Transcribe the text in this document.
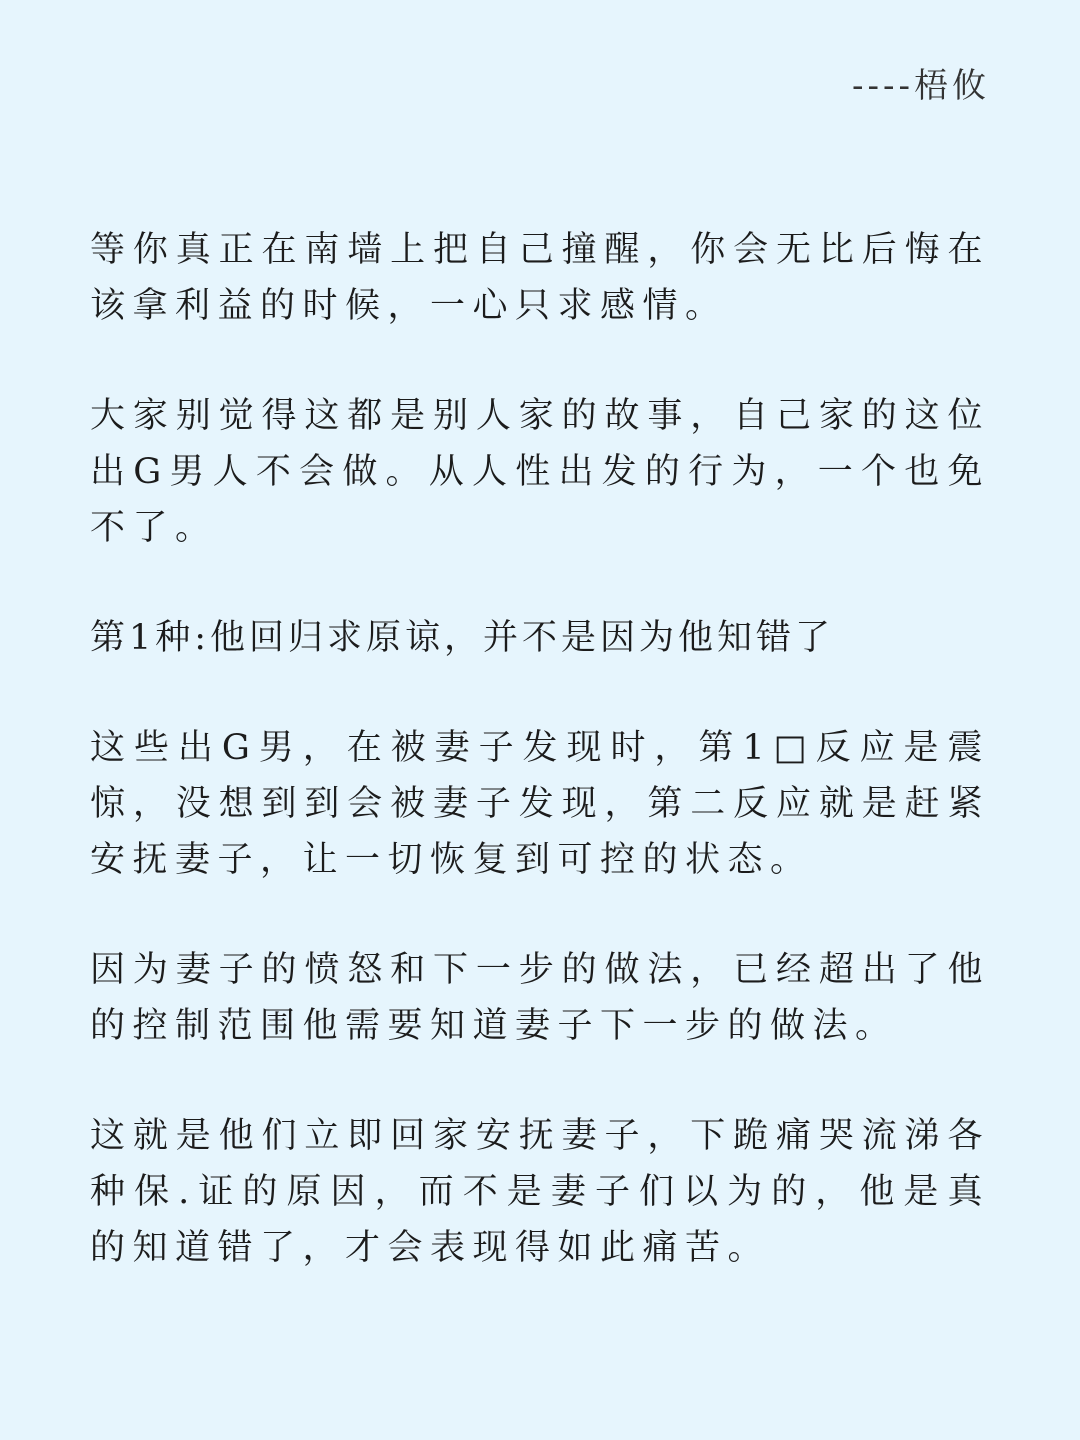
----梧攸

等你真正在南墙上把自己撞醒，你会无比后悔在该拿利益的时候，一心只求感情。

大家别觉得这都是别人家的故事，自己家的这位出G男人不会做。从人性出发的行为，一个也免不了。

第1种:他回归求原谅，并不是因为他知错了

这些出G男，在被妻子发现时，第1□反应是震惊，没想到到会被妻子发现，第二反应就是赶紧安抚妻子，让一切恢复到可控的状态。

因为妻子的愤怒和下一步的做法，已经超出了他的控制范围他需要知道妻子下一步的做法。

这就是他们立即回家安抚妻子，下跪痛哭流涕各种保.证的原因，而不是妻子们以为的，他是真的知道错了，才会表现得如此痛苦。
